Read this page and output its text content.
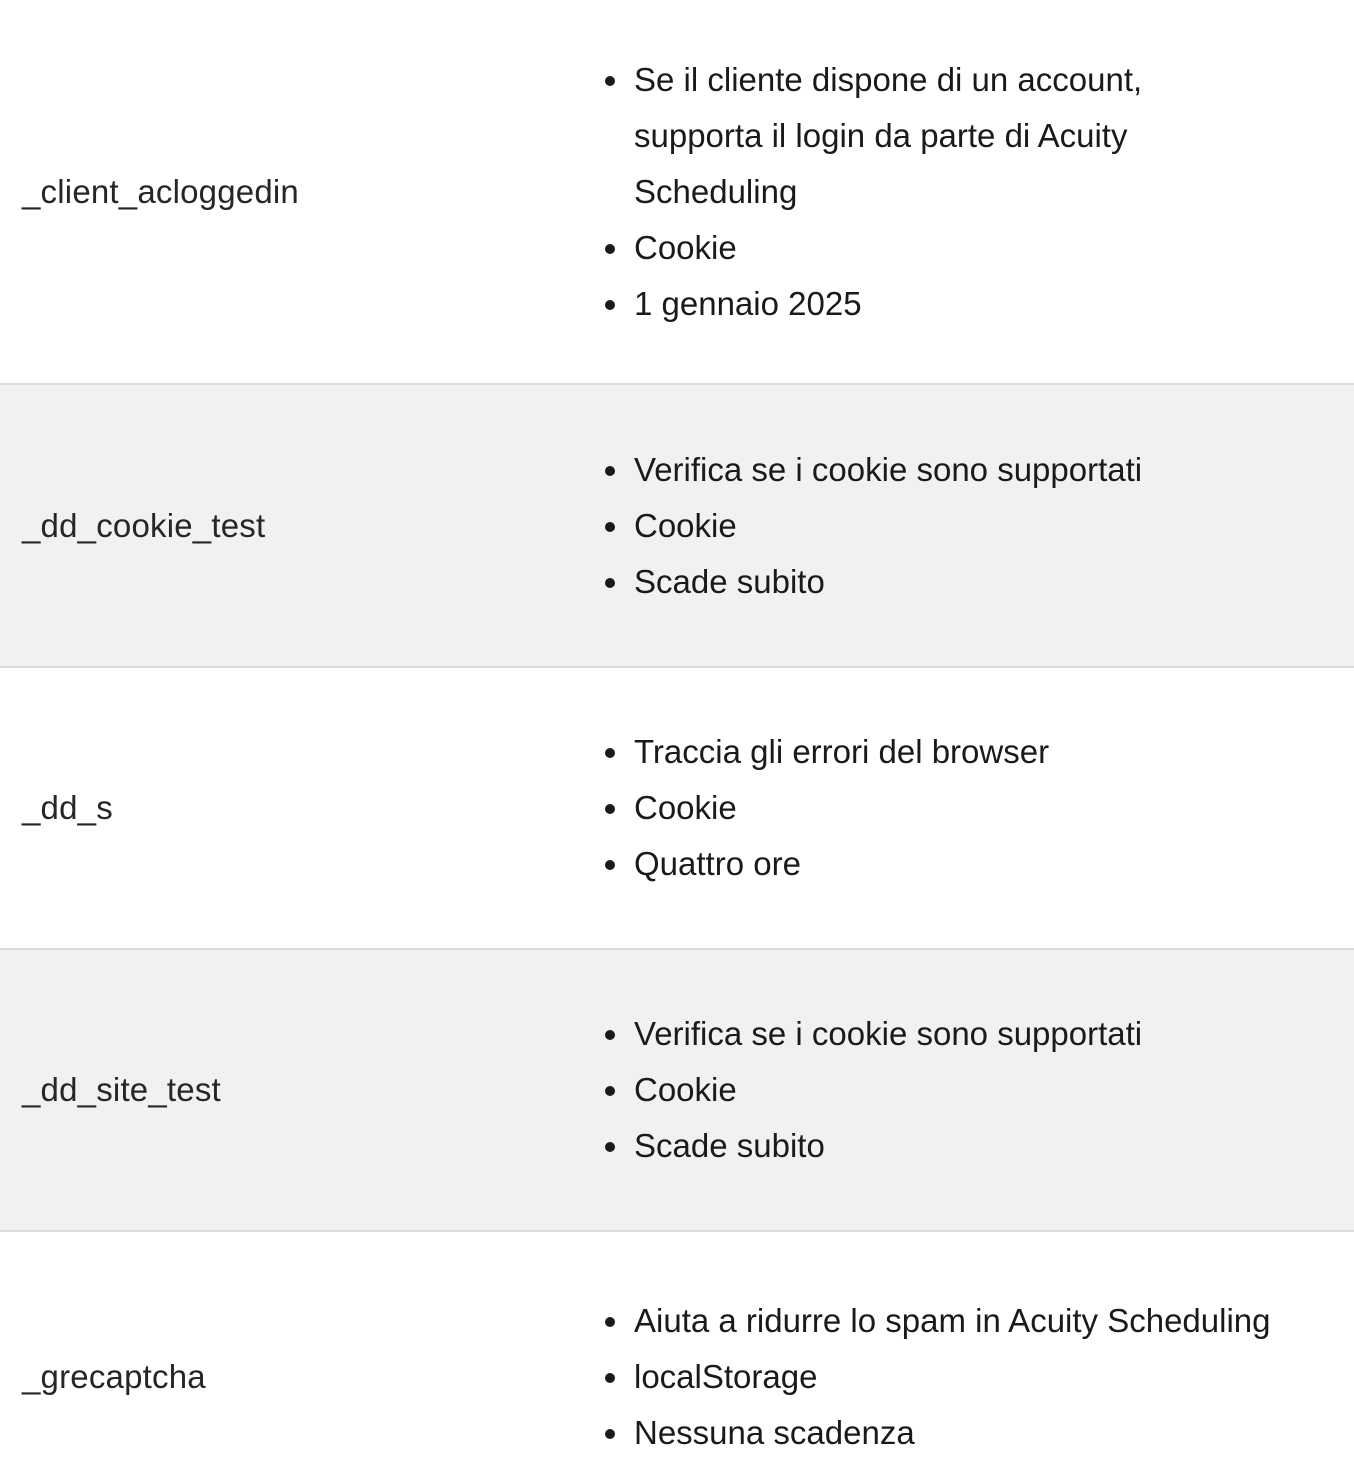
_client_acloggedin
Se il cliente dispone di un account, supporta il login da parte di Acuity Scheduling
Cookie
1 gennaio 2025
_dd_cookie_test
Verifica se i cookie sono supportati
Cookie
Scade subito
_dd_s
Traccia gli errori del browser
Cookie
Quattro ore
_dd_site_test
Verifica se i cookie sono supportati
Cookie
Scade subito
_grecaptcha
Aiuta a ridurre lo spam in Acuity Scheduling
localStorage
Nessuna scadenza
